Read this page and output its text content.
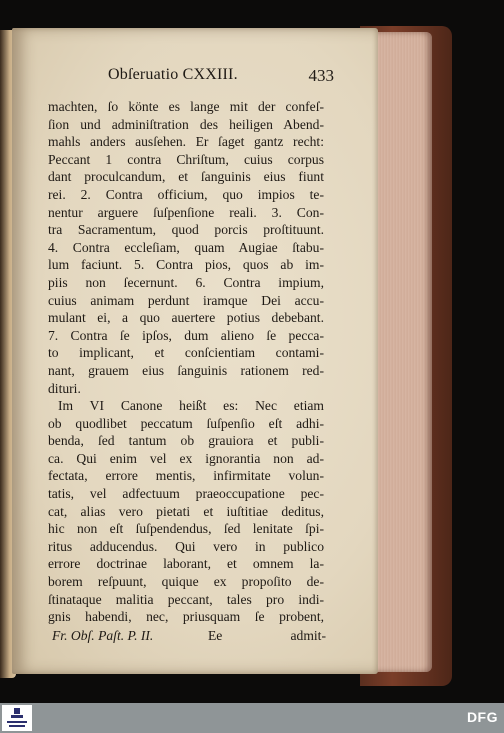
Obſeruatio CXXIII.	433
machten, ſo könte es lange mit der confeſ-
ſion und adminiſtration des heiligen Abend-
mahls anders ausſehen. Er ſaget gantz recht:
Peccant 1 contra Chriſtum, cuius corpus
dant proculcandum, et ſanguinis eius fiunt
rei. 2. Contra officium, quo impios te-
nentur arguere ſuſpenſione reali. 3. Con-
tra Sacramentum, quod porcis proſtituunt.
4. Contra eccleſiam, quam Augiae ſtabu-
lum faciunt. 5. Contra pios, quos ab im-
piis non ſecernunt. 6. Contra impium,
cuius animam perdunt iramque Dei accu-
mulant ei, a quo auertere potius debebant.
7. Contra ſe ipſos, dum alieno ſe pecca-
to implicant, et conſcientiam contami-
nant, grauem eius ſanguinis rationem red-
dituri.
Im VI Canone heißt es: Nec etiam
ob quodlibet peccatum ſuſpenſio eſt adhi-
benda, ſed tantum ob grauiora et publi-
ca. Qui enim vel ex ignorantia non ad-
fectata, errore mentis, infirmitate volun-
tatis, vel adfectuum praeoccupatione pec-
cat, alias vero pietati et iuſtitiae deditus,
hic non eſt ſuſpendendus, ſed lenitate ſpi-
ritus adducendus. Qui vero in publico
errore doctrinae laborant, et omnem la-
borem reſpuunt, quique ex propoſito de-
ſtinataque malitia peccant, tales pro indi-
gnis habendi, nec, priusquam ſe probent,
Fr. Obſ. Paſt. P. II.	Ee	admit-
DFG
